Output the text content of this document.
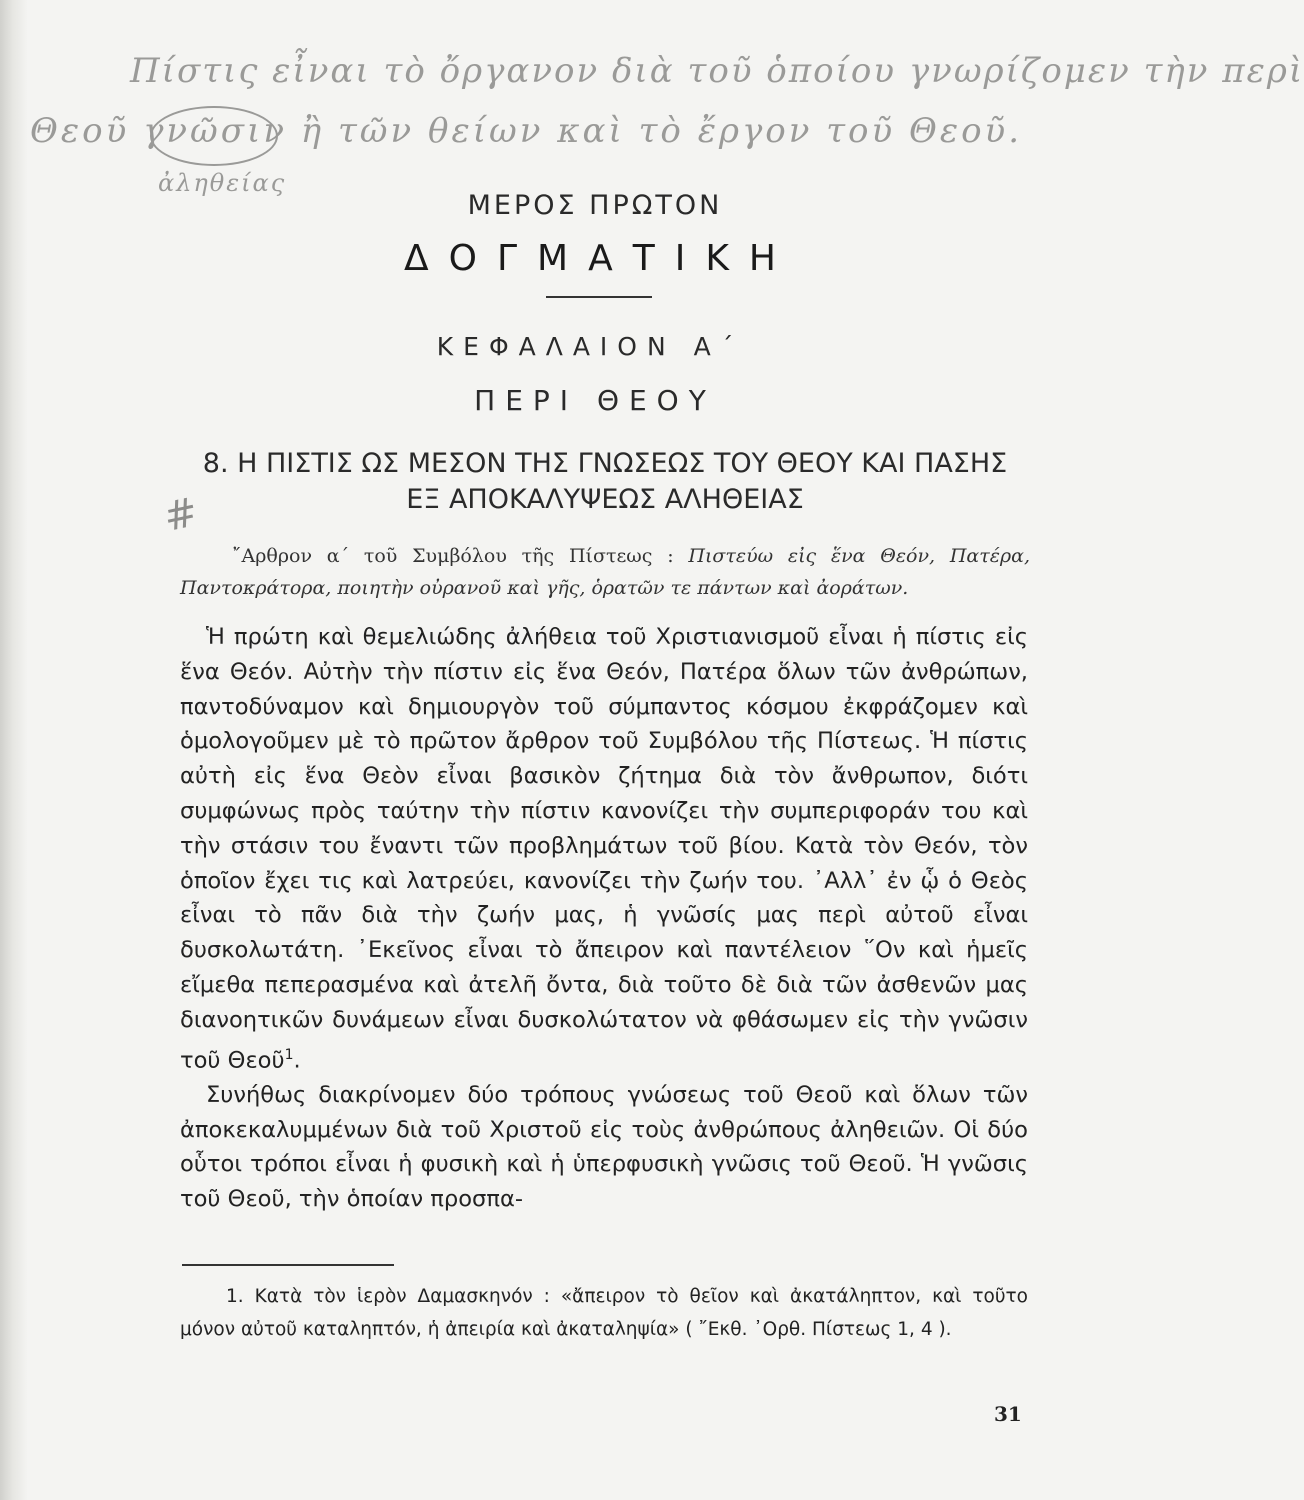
Πίστις εἶναι τὸ ὄργανον διὰ τοῦ ὁποίου γνωρίζομεν τὴν περὶ
Θεοῦ γνῶσιν ἢ τῶν θείων καὶ τὸ ἔργον τοῦ Θεοῦ.
ἀληθείας
ΜΕΡΟΣ ΠΡΩΤΟΝ
ΔΟΓΜΑΤΙΚΗ
ΚΕΦΑΛΑΙΟΝ Α΄
ΠΕΡΙ ΘΕΟΥ
8. Η ΠΙΣΤΙΣ ΩΣ ΜΕΣΟΝ ΤΗΣ ΓΝΩΣΕΩΣ ΤΟΥ ΘΕΟΥ ΚΑΙ ΠΑΣΗΣ
ΕΞ ΑΠΟΚΑΛΥΨΕΩΣ ΑΛΗΘΕΙΑΣ
#
῎Αρθρον α΄ τοῦ Συμβόλου τῆς Πίστεως : Πιστεύω εἰς ἕνα Θεόν, Πατέρα, Παντοκράτορα, ποιητὴν οὐρανοῦ καὶ γῆς, ὁρατῶν τε πάντων καὶ ἀοράτων.

Ἡ πρώτη καὶ θεμελιώδης ἀλήθεια τοῦ Χριστιανισμοῦ εἶναι ἡ πίστις εἰς ἕνα Θεόν. Αὐτὴν τὴν πίστιν εἰς ἕνα Θεόν, Πατέρα ὅλων τῶν ἀνθρώπων, παντοδύναμον καὶ δημιουργὸν τοῦ σύμπαντος κόσμου ἐκφράζομεν καὶ ὁμολογοῦμεν μὲ τὸ πρῶτον ἄρθρον τοῦ Συμβόλου τῆς Πίστεως. Ἡ πίστις αὐτὴ εἰς ἕνα Θεὸν εἶναι βασικὸν ζήτημα διὰ τὸν ἄνθρωπον, διότι συμφώνως πρὸς ταύτην τὴν πίστιν κανονίζει τὴν συμπεριφοράν του καὶ τὴν στάσιν του ἔναντι τῶν προβλημάτων τοῦ βίου. Κατὰ τὸν Θεόν, τὸν ὁποῖον ἔχει τις καὶ λατρεύει, κανονίζει τὴν ζωήν του. ᾿Αλλ᾿ ἐν ᾧ ὁ Θεὸς εἶναι τὸ πᾶν διὰ τὴν ζωήν μας, ἡ γνῶσίς μας περὶ αὐτοῦ εἶναι δυσκολωτάτη. ᾿Εκεῖνος εἶναι τὸ ἄπειρον καὶ παντέλειον ῞Ον καὶ ἡμεῖς εἴμεθα πεπερασμένα καὶ ἀτελῆ ὄντα, διὰ τοῦτο δὲ διὰ τῶν ἀσθενῶν μας διανοητικῶν δυνάμεων εἶναι δυσκολώτατον νὰ φθάσωμεν εἰς τὴν γνῶσιν τοῦ Θεοῦ$^1$.

Συνήθως διακρίνομεν δύο τρόπους γνώσεως τοῦ Θεοῦ καὶ ὅλων τῶν ἀποκεκαλυμμένων διὰ τοῦ Χριστοῦ εἰς τοὺς ἀνθρώπους ἀληθειῶν. Οἱ δύο οὗτοι τρόποι εἶναι ἡ φυσικὴ καὶ ἡ ὑπερφυσικὴ γνῶσις τοῦ Θεοῦ. Ἡ γνῶσις τοῦ Θεοῦ, τὴν ὁποίαν προσπα-

1. Κατὰ τὸν ἱερὸν Δαμασκηνόν : «ἄπειρον τὸ θεῖον καὶ ἀκατάληπτον, καὶ τοῦτο μόνον αὐτοῦ καταληπτόν, ἡ ἀπειρία καὶ ἀκαταληψία» ( ῎Εκθ. ᾿Ορθ. Πίστεως 1, 4 ).
31
